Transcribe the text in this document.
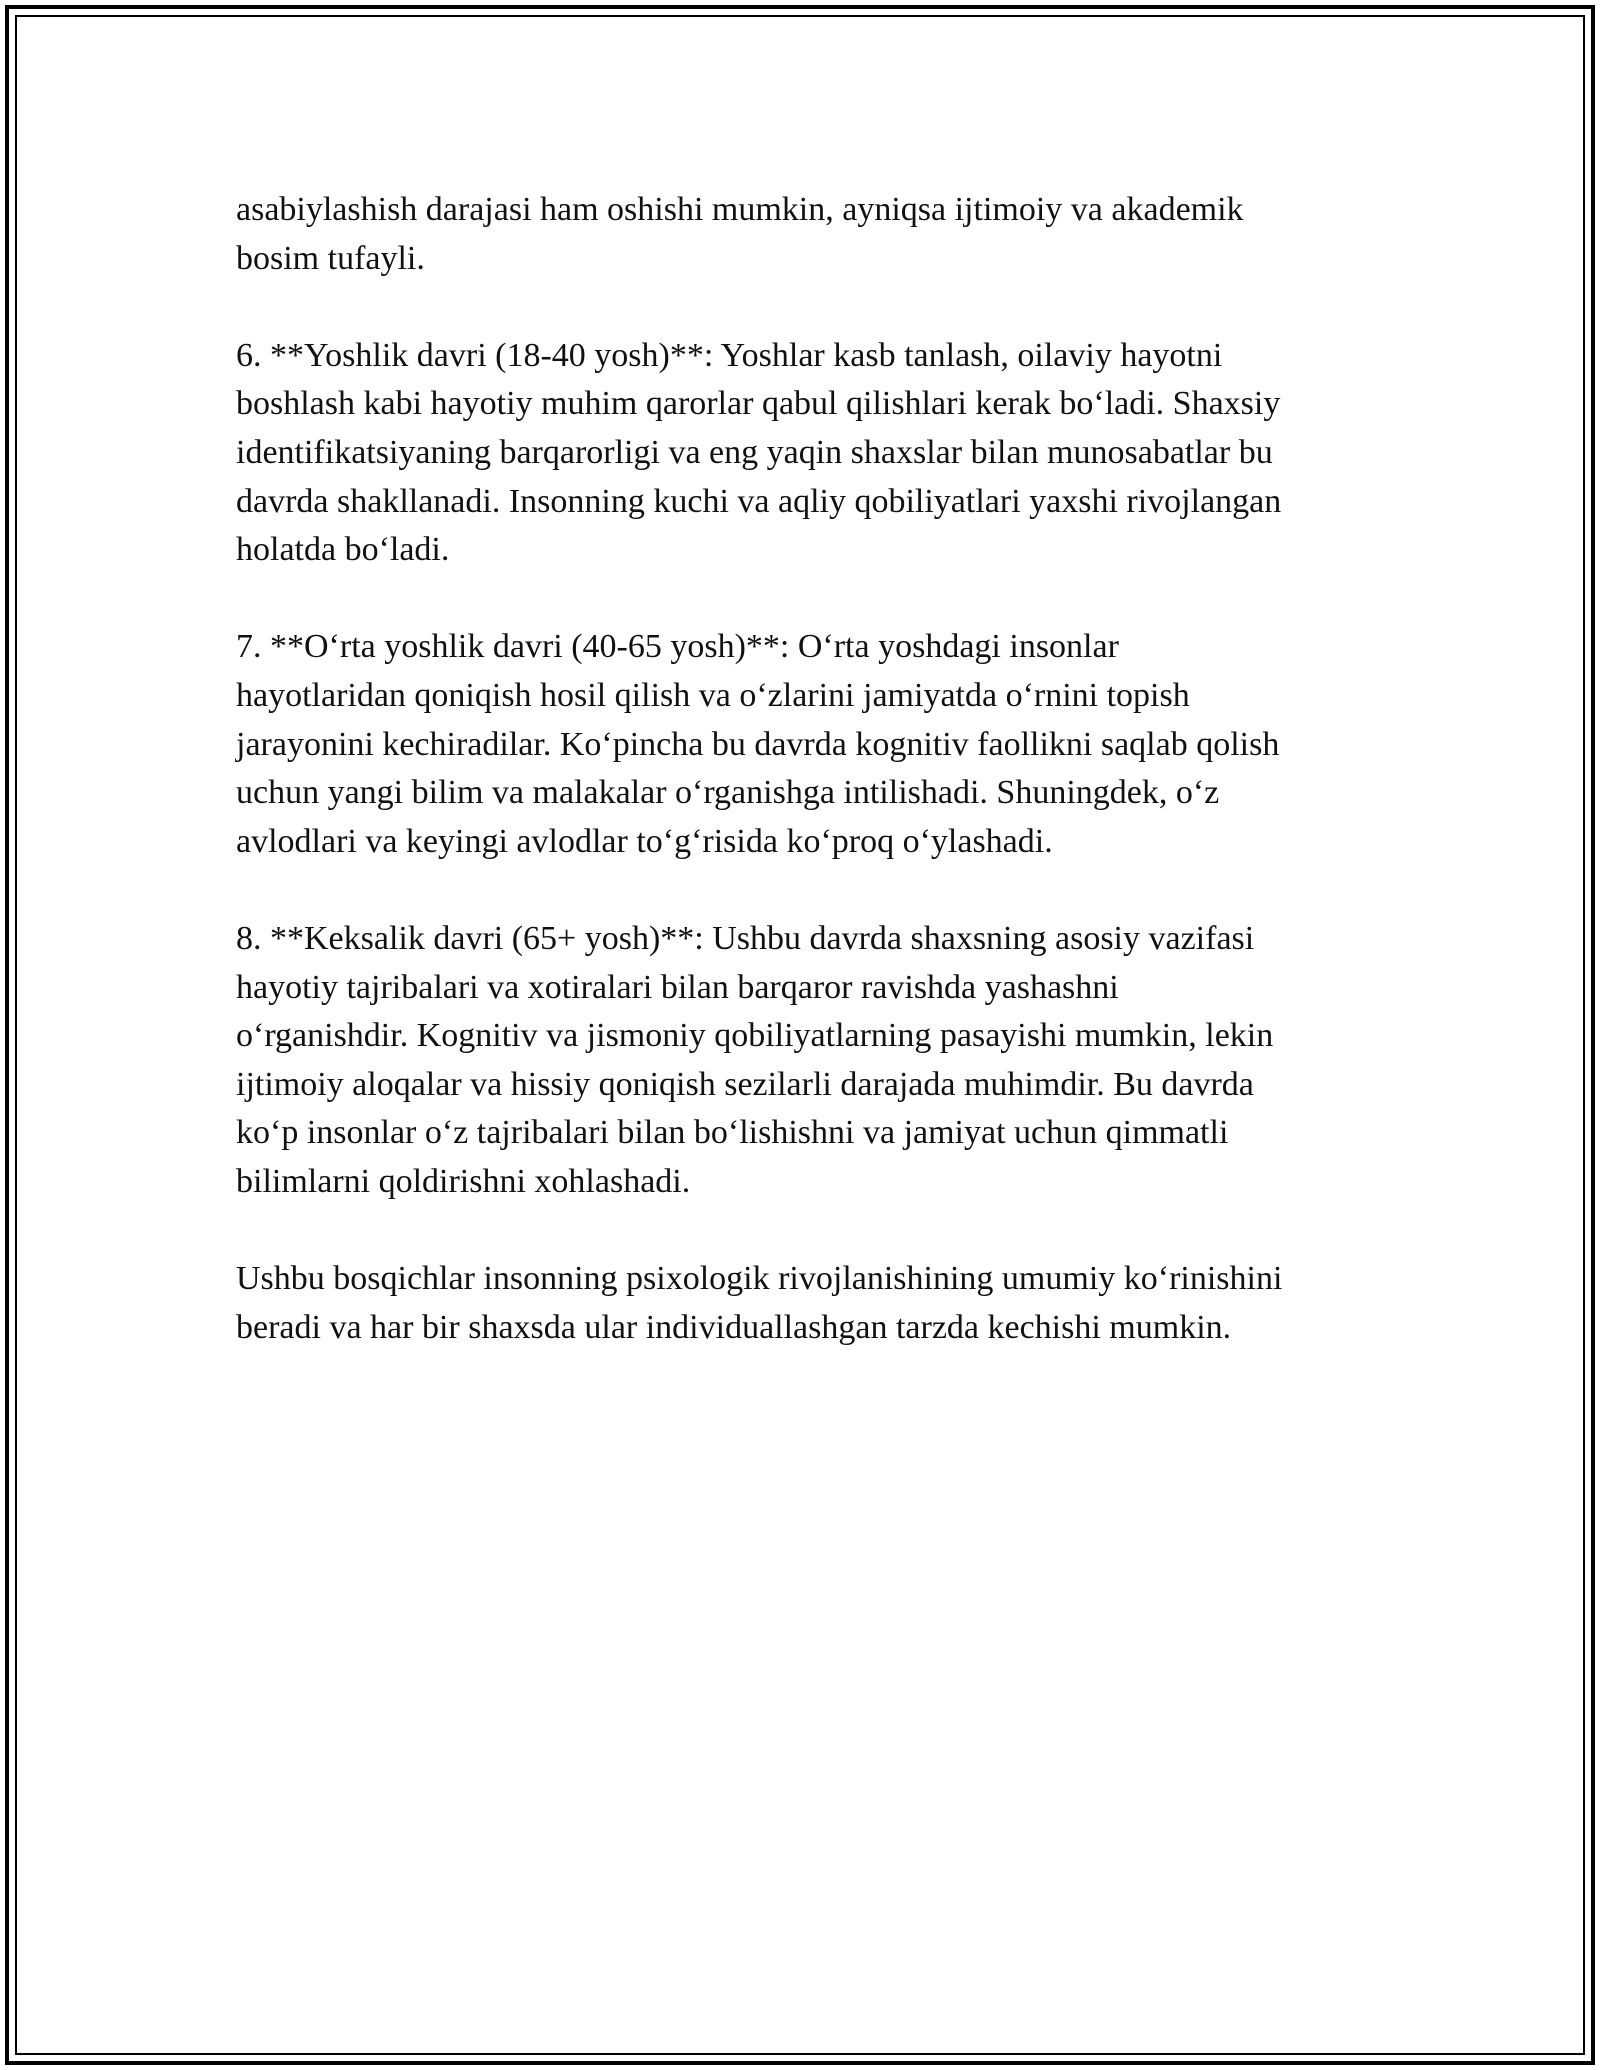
asabiylashish darajasi ham oshishi mumkin, ayniqsa ijtimoiy va akademik
bosim tufayli.

6. **Yoshlik davri (18-40 yosh)**: Yoshlar kasb tanlash, oilaviy hayotni
boshlash kabi hayotiy muhim qarorlar qabul qilishlari kerak bo‘ladi. Shaxsiy
identifikatsiyaning barqarorligi va eng yaqin shaxslar bilan munosabatlar bu
davrda shakllanadi. Insonning kuchi va aqliy qobiliyatlari yaxshi rivojlangan
holatda bo‘ladi.

7. **O‘rta yoshlik davri (40-65 yosh)**: O‘rta yoshdagi insonlar
hayotlaridan qoniqish hosil qilish va o‘zlarini jamiyatda o‘rnini topish
jarayonini kechiradilar. Ko‘pincha bu davrda kognitiv faollikni saqlab qolish
uchun yangi bilim va malakalar o‘rganishga intilishadi. Shuningdek, o‘z
avlodlari va keyingi avlodlar to‘g‘risida ko‘proq o‘ylashadi.

8. **Keksalik davri (65+ yosh)**: Ushbu davrda shaxsning asosiy vazifasi
hayotiy tajribalari va xotiralari bilan barqaror ravishda yashashni
o‘rganishdir. Kognitiv va jismoniy qobiliyatlarning pasayishi mumkin, lekin
ijtimoiy aloqalar va hissiy qoniqish sezilarli darajada muhimdir. Bu davrda
ko‘p insonlar o‘z tajribalari bilan bo‘lishishni va jamiyat uchun qimmatli
bilimlarni qoldirishni xohlashadi.

Ushbu bosqichlar insonning psixologik rivojlanishining umumiy ko‘rinishini
beradi va har bir shaxsda ular individuallashgan tarzda kechishi mumkin.
